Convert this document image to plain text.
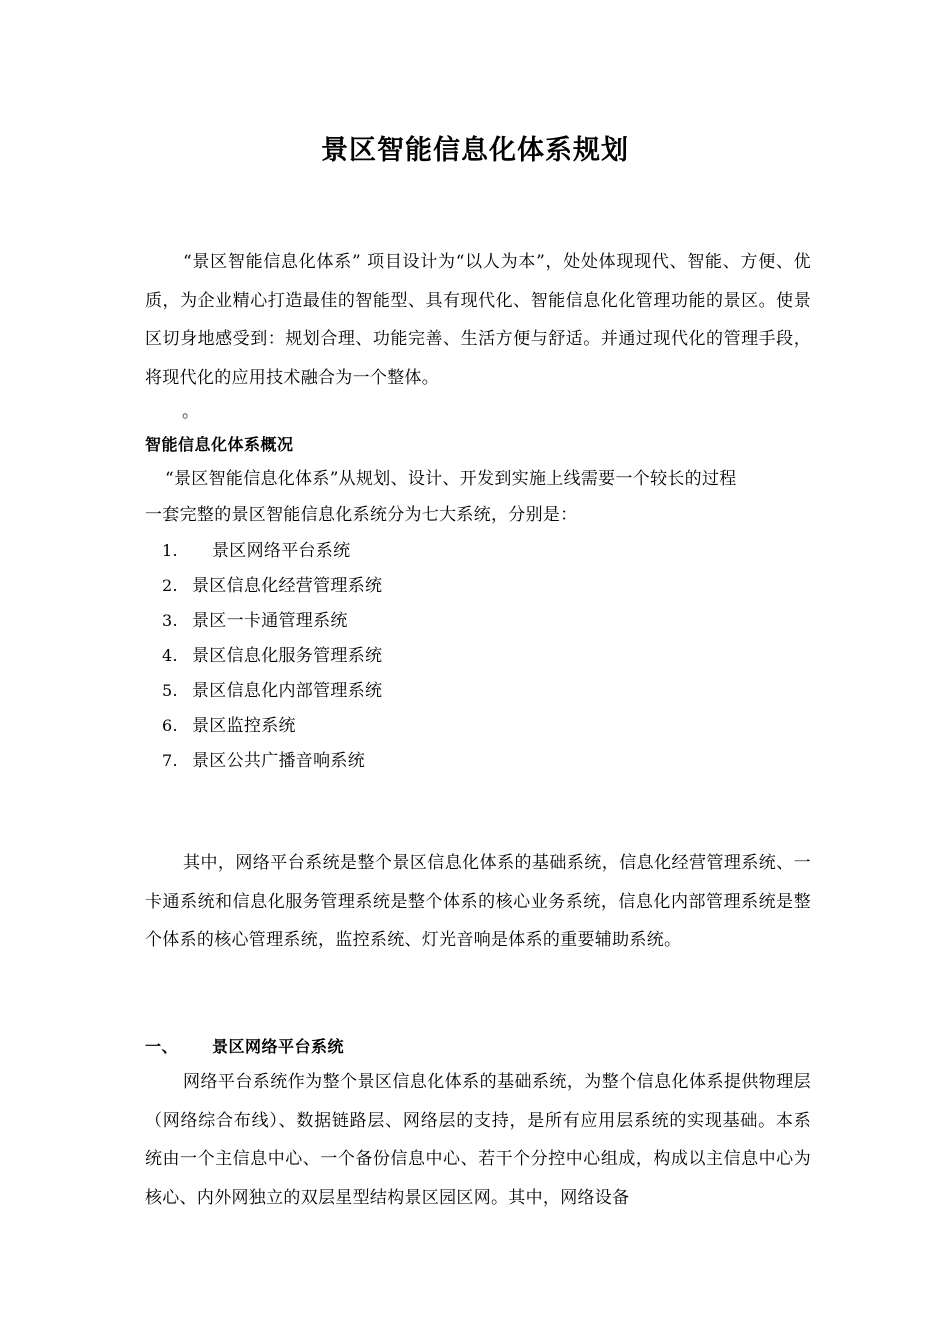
景区智能信息化体系规划

“景区智能信息化体系” 项目设计为“以人为本”，处处体现现代、智能、方便、优质，为企业精心打造最佳的智能型、具有现代化、智能信息化化管理功能的景区。使景区切身地感受到：规划合理、功能完善、生活方便与舒适。并通过现代化的管理手段，将现代化的应用技术融合为一个整体。

。
智能信息化体系概况
“景区智能信息化体系”从规划、设计、开发到实施上线需要一个较长的过程
一套完整的景区智能信息化系统分为七大系统，分别是：
1. 景区网络平台系统
2. 景区信息化经营管理系统
3. 景区一卡通管理系统
4. 景区信息化服务管理系统
5. 景区信息化内部管理系统
6. 景区监控系统
7. 景区公共广播音响系统

其中，网络平台系统是整个景区信息化体系的基础系统，信息化经营管理系统、一卡通系统和信息化服务管理系统是整个体系的核心业务系统，信息化内部管理系统是整个体系的核心管理系统，监控系统、灯光音响是体系的重要辅助系统。

一、 景区网络平台系统

网络平台系统作为整个景区信息化体系的基础系统，为整个信息化体系提供物理层（网络综合布线）、数据链路层、网络层的支持，是所有应用层系统的实现基础。本系统由一个主信息中心、一个备份信息中心、若干个分控中心组成，构成以主信息中心为核心、内外网独立的双层星型结构景区园区网。其中，网络设备
